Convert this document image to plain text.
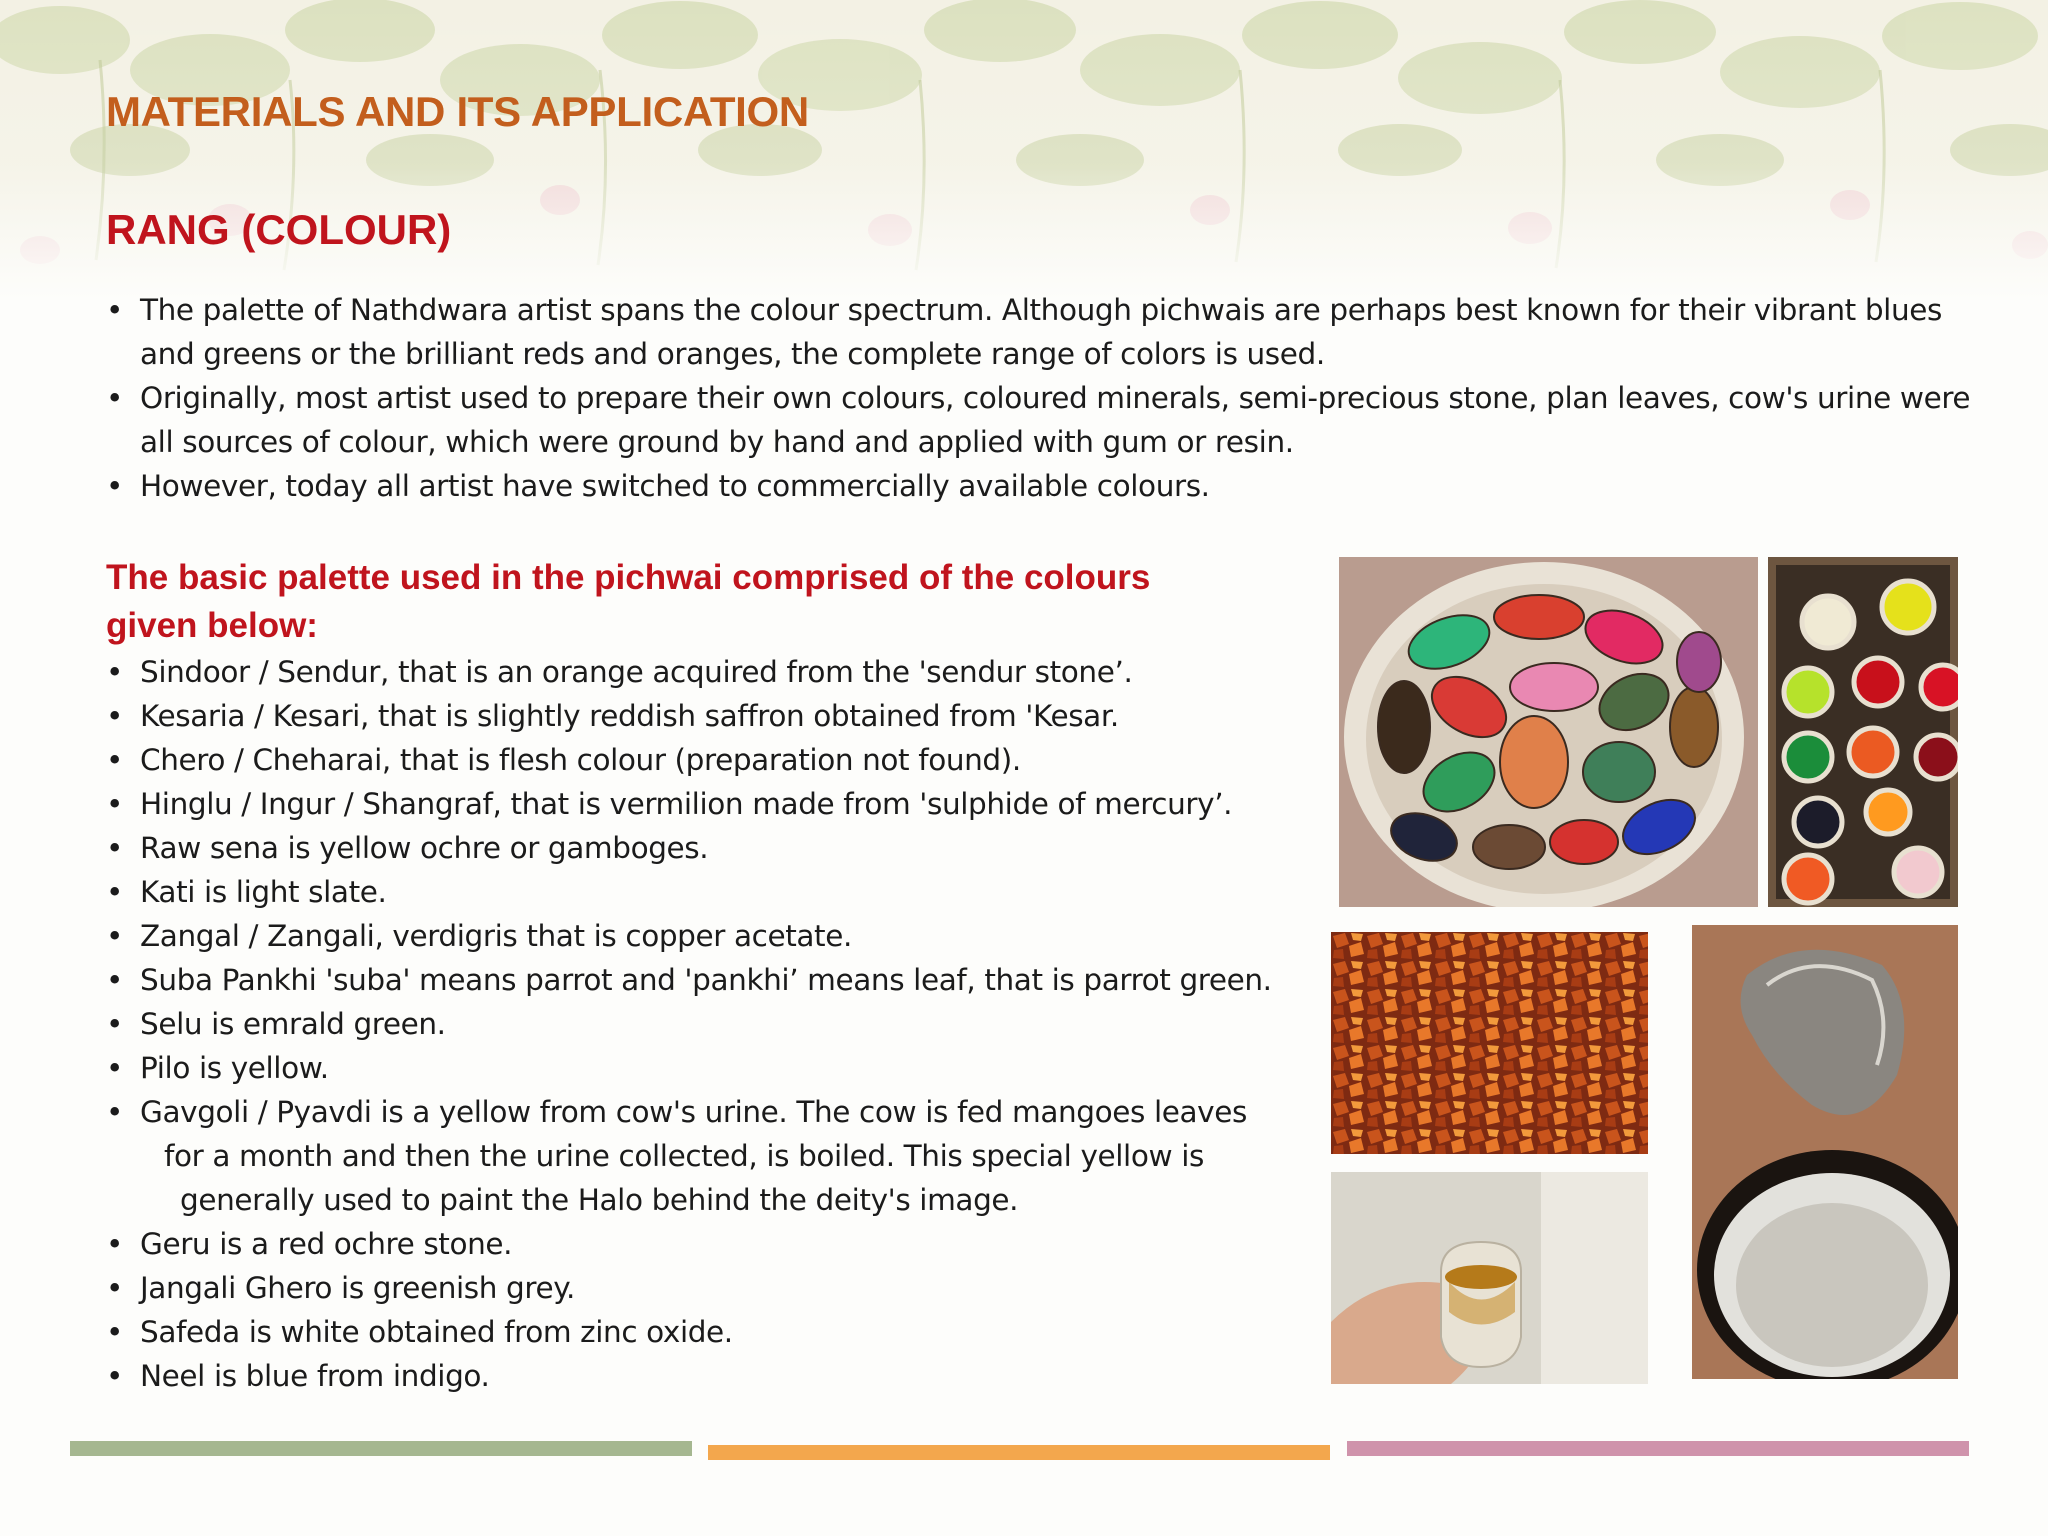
MATERIALS AND ITS APPLICATION
RANG (COLOUR)
• The palette of Nathdwara artist spans the colour spectrum. Although pichwais are perhaps best known for their vibrant blues and greens or the brilliant reds and oranges, the complete range of colors is used.
• Originally, most artist used to prepare their own colours, coloured minerals, semi-precious stone, plan leaves, cow's urine were all sources of colour, which were ground by hand and applied with gum or resin.
• However, today all artist have switched to commercially available colours.
The basic palette used in the pichwai comprised of the colours given below:
• Sindoor / Sendur, that is an orange acquired from the 'sendur stone’.
• Kesaria / Kesari, that is slightly reddish saffron obtained from 'Kesar.
• Chero / Cheharai, that is flesh colour (preparation not found).
• Hinglu / Ingur / Shangraf, that is vermilion made from 'sulphide of mercury’.
• Raw sena is yellow ochre or gamboges.
• Kati is light slate.
• Zangal / Zangali, verdigris that is copper acetate.
• Suba Pankhi 'suba' means parrot and 'pankhi’ means leaf, that is parrot green.
• Selu is emrald green.
• Pilo is yellow.
• Gavgoli / Pyavdi is a yellow from cow's urine. The cow is fed mangoes leaves
for a month and then the urine collected, is boiled. This special yellow is
generally used to paint the Halo behind the deity's image.
• Geru is a red ochre stone.
• Jangali Ghero is greenish grey.
• Safeda is white obtained from zinc oxide.
• Neel is blue from indigo.
